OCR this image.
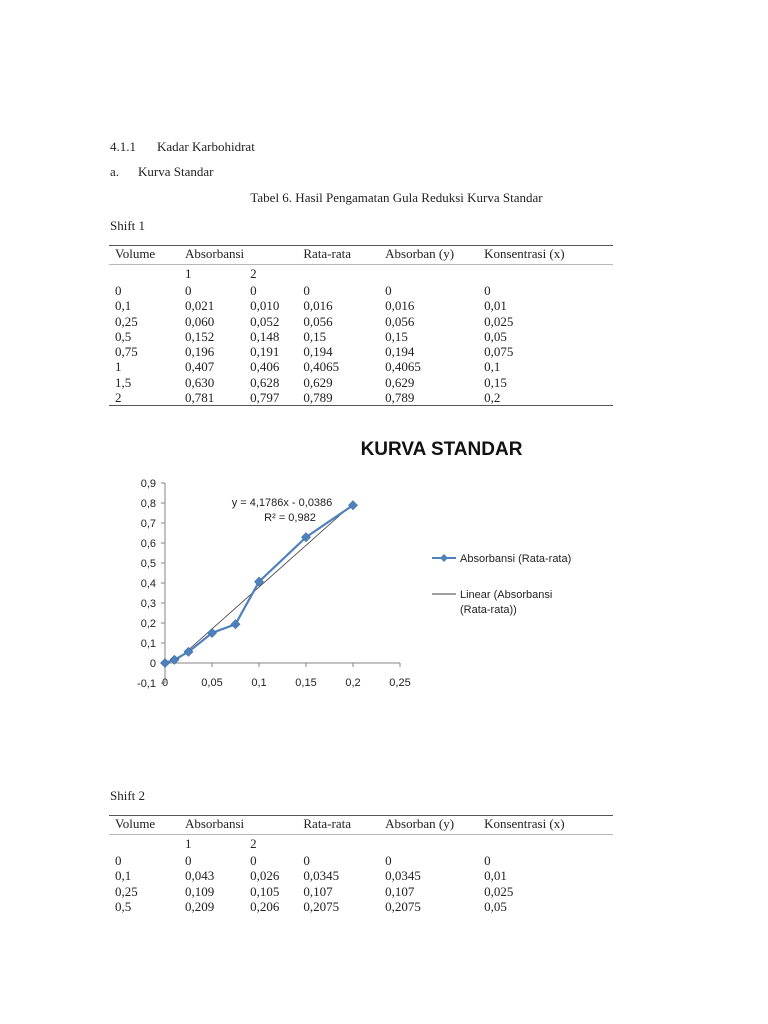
4.1.1 Kadar Karbohidrat
a. Kurva Standar
Tabel 6. Hasil Pengamatan Gula Reduksi Kurva Standar
Shift 1
Volume	Absorbansi		Rata-rata	Absorban (y)	Konsentrasi (x)
	1	2			
0	0	0	0	0	0
0,1	0,021	0,010	0,016	0,016	0,01
0,25	0,060	0,052	0,056	0,056	0,025
0,5	0,152	0,148	0,15	0,15	0,05
0,75	0,196	0,191	0,194	0,194	0,075
1	0,407	0,406	0,4065	0,4065	0,1
1,5	0,630	0,628	0,629	0,629	0,15
2	0,781	0,797	0,789	0,789	0,2
KURVA STANDAR
-0,1
0
0,1
0,2
0,3
0,4
0,5
0,6
0,7
0,8
0,9
0	0,05	0,1	0,15	0,2	0,25
y = 4,1786x - 0,0386
R² = 0,982
Absorbansi (Rata-rata)
Linear (Absorbansi
(Rata-rata))
Shift 2
Volume	Absorbansi		Rata-rata	Absorban (y)	Konsentrasi (x)
	1	2			
0	0	0	0	0	0
0,1	0,043	0,026	0,0345	0,0345	0,01
0,25	0,109	0,105	0,107	0,107	0,025
0,5	0,209	0,206	0,2075	0,2075	0,05
